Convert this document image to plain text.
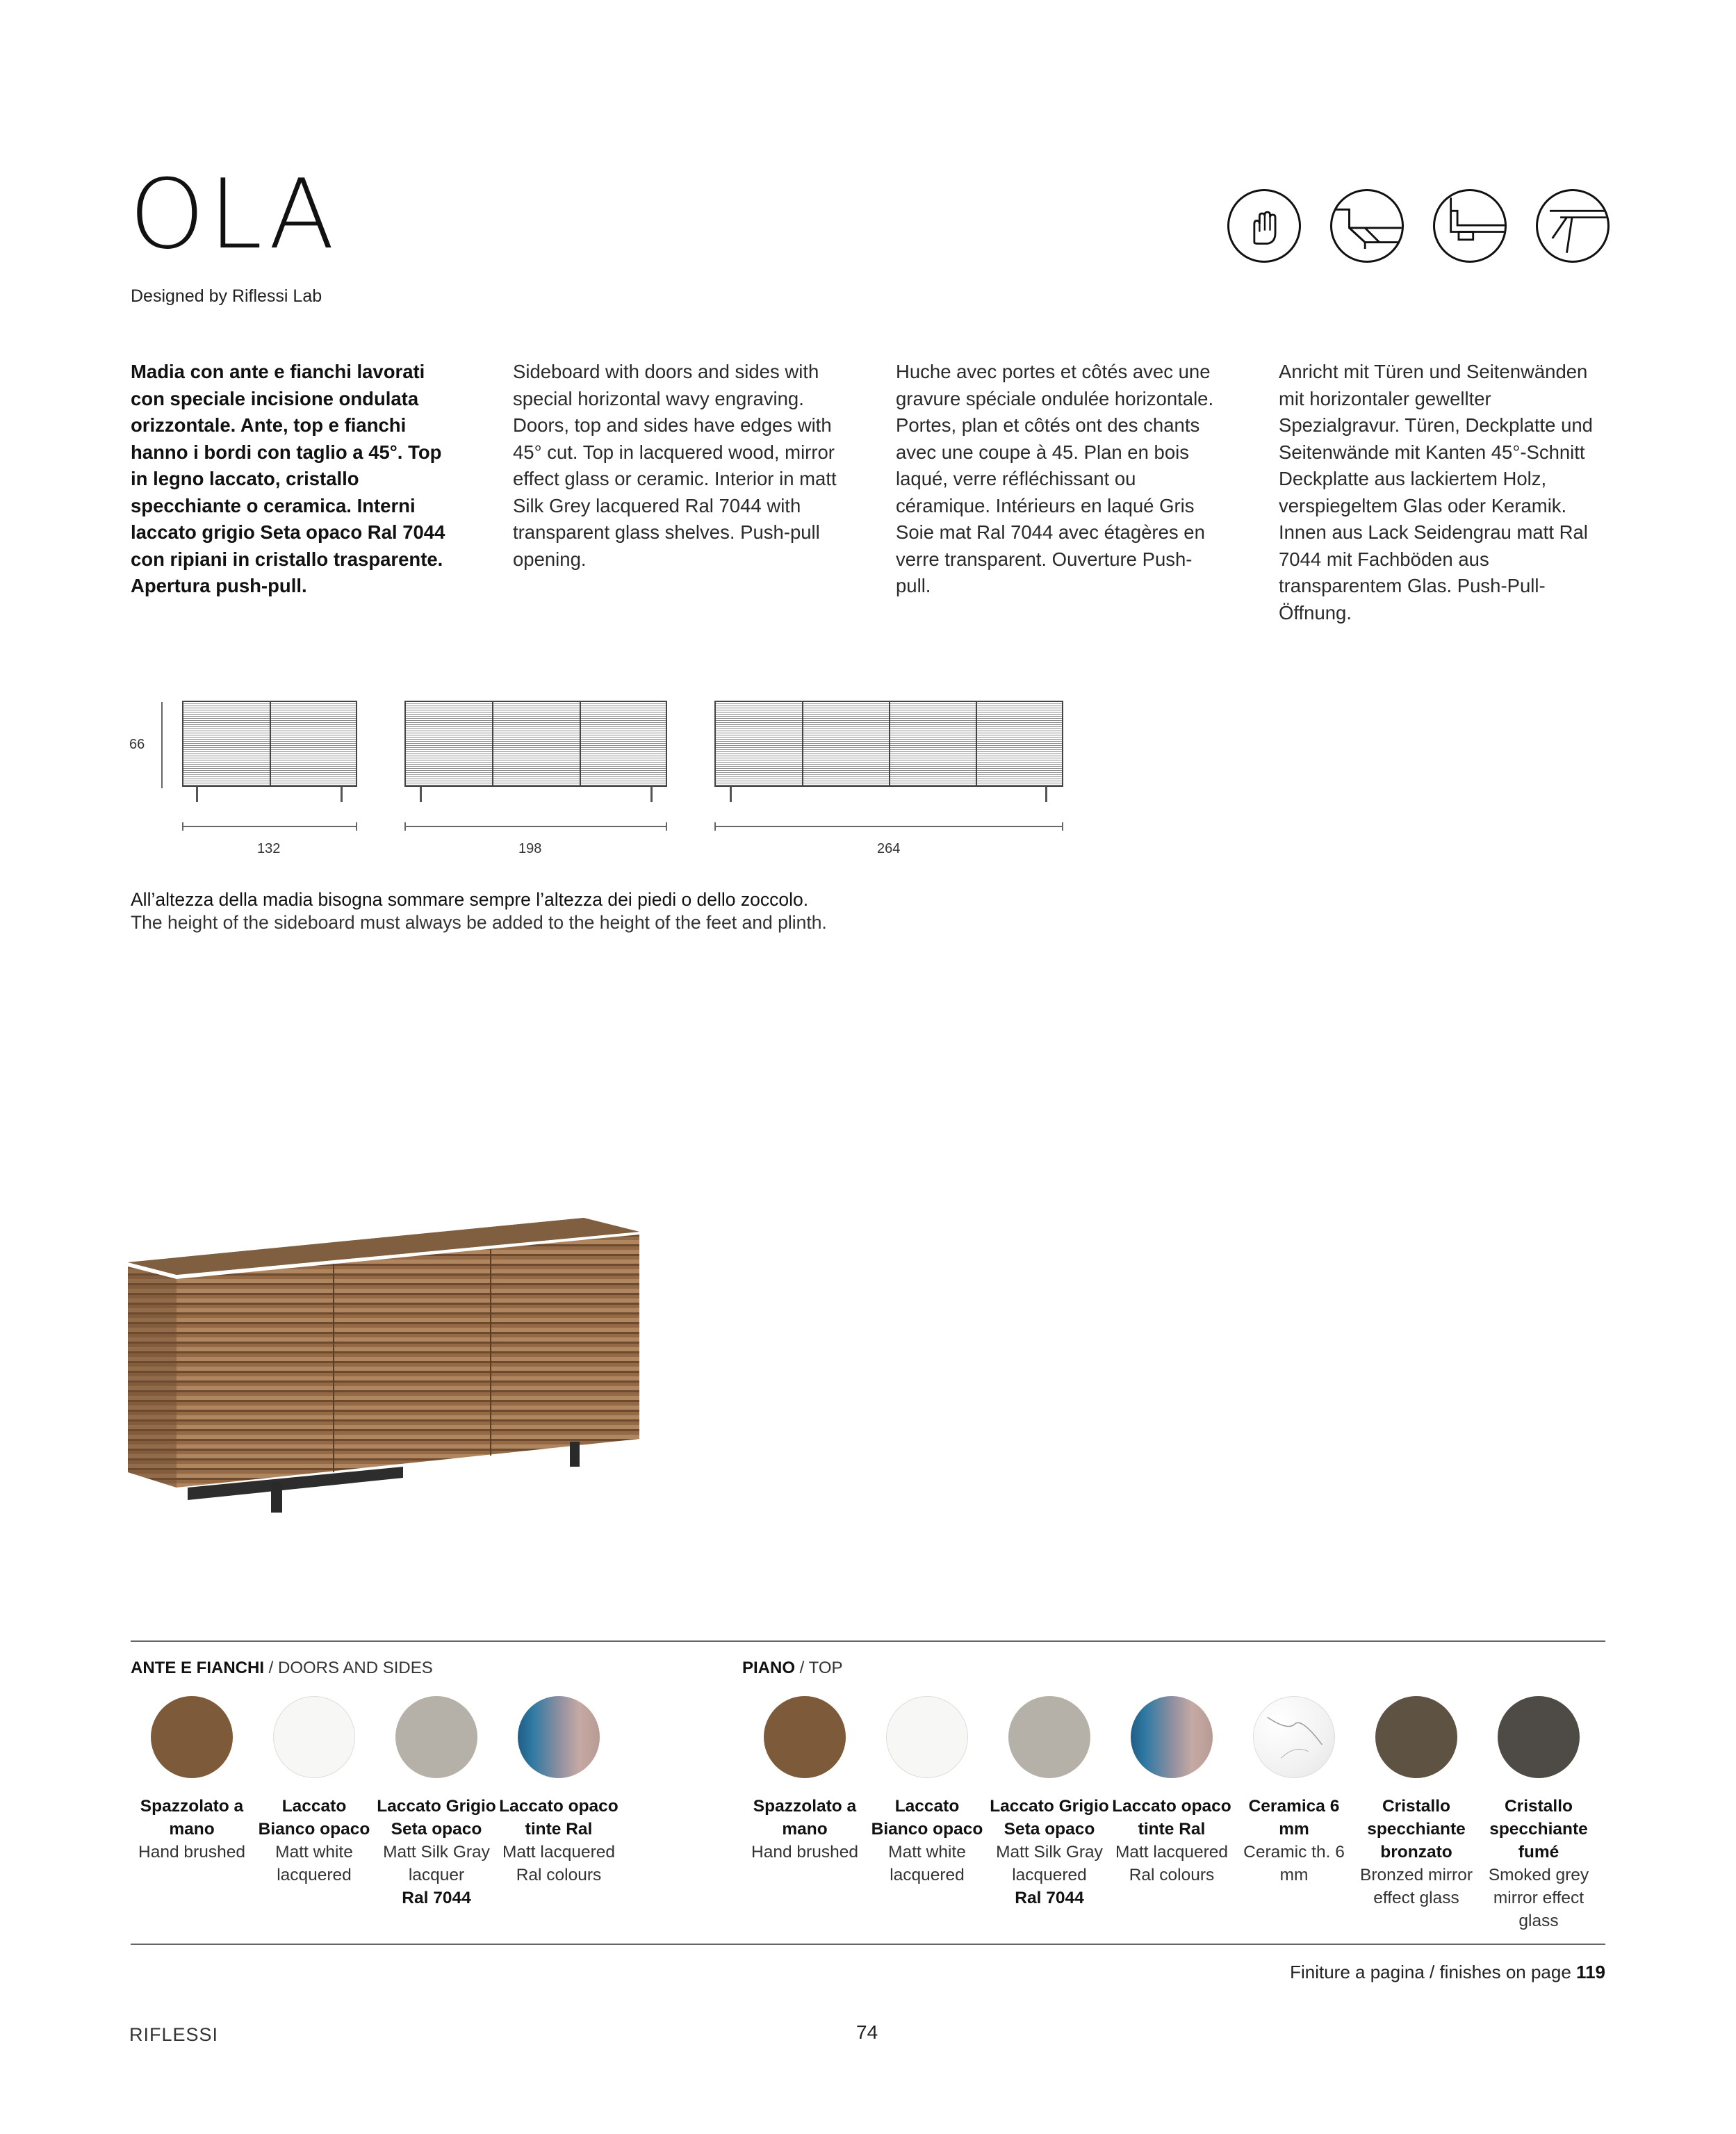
OLA
Designed by Riflessi Lab
Madia con ante e fianchi lavorati con speciale incisione ondulata orizzontale. Ante, top e fianchi hanno i bordi con taglio a 45°. Top in legno laccato, cristallo specchiante o ceramica. Interni laccato grigio Seta opaco Ral 7044 con ripiani in cristallo trasparente. Apertura push-pull.
Sideboard with doors and sides with special horizontal wavy engraving. Doors, top and sides have edges with 45° cut. Top in lacquered wood, mirror effect glass or ceramic. Interior in matt Silk Grey lacquered Ral 7044 with transparent glass shelves. Push-pull opening.
Huche avec portes et côtés avec une gravure spéciale ondulée horizontale. Portes, plan et côtés ont des chants avec une coupe à 45. Plan en bois laqué, verre réfléchissant ou céramique. Intérieurs en laqué Gris Soie mat Ral 7044 avec étagères en verre transparent. Ouverture Push-pull.
Anricht mit Türen und Seitenwänden mit horizontaler gewellter Spezialgravur. Türen, Deckplatte und Seitenwände mit Kanten 45°-Schnitt Deckplatte aus lackiertem Holz, verspiegeltem Glas oder Keramik. Innen aus Lack Seidengrau matt Ral 7044 mit Fachböden aus transparentem Glas. Push-Pull-Öffnung.
66
132	198	264
All’altezza della madia bisogna sommare sempre l’altezza dei piedi o dello zoccolo.
The height of the sideboard must always be added to the height of the feet and plinth.
ANTE E FIANCHI / DOORS AND SIDES	PIANO / TOP
Spazzolato a mano
Hand brushed
Laccato Bianco opaco
Matt white lacquered
Laccato Grigio Seta opaco
Matt Silk Gray lacquer
Ral 7044
Laccato opaco tinte Ral
Matt lacquered Ral colours
Spazzolato a mano
Hand brushed
Laccato Bianco opaco
Matt white lacquered
Laccato Grigio Seta opaco
Matt Silk Gray lacquered
Ral 7044
Laccato opaco tinte Ral
Matt lacquered Ral colours
Ceramica 6 mm
Ceramic th. 6 mm
Cristallo specchiante bronzato
Bronzed mirror effect glass
Cristallo specchiante fumé
Smoked grey mirror effect glass
Finiture a pagina / finishes on page 119
RIFLESSI	74
